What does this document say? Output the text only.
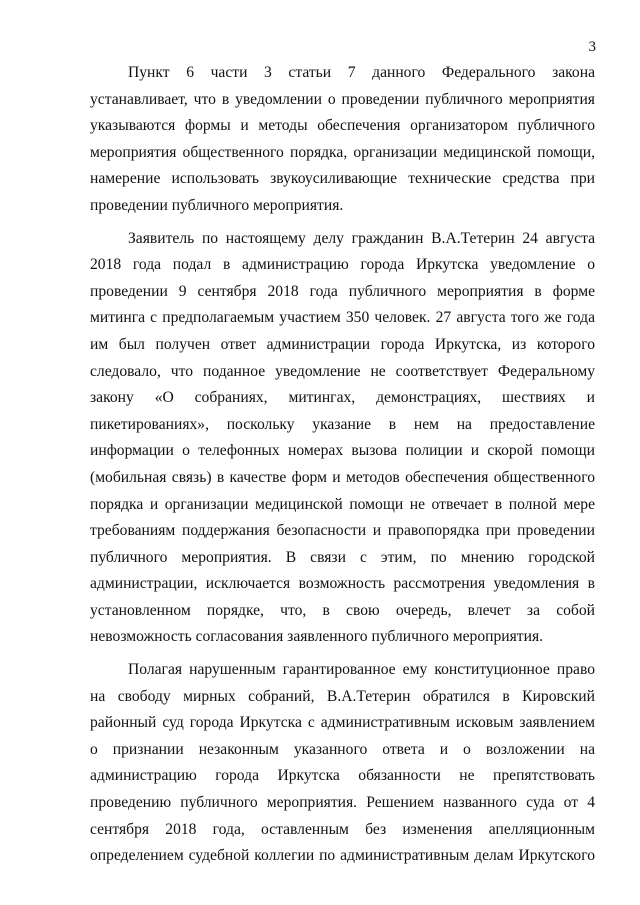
3
Пункт 6 части 3 статьи 7 данного Федерального закона
устанавливает, что в уведомлении о проведении публичного мероприятия
указываются формы и методы обеспечения организатором публичного
мероприятия общественного порядка, организации медицинской помощи,
намерение использовать звукоусиливающие технические средства при
проведении публичного мероприятия.
Заявитель по настоящему делу гражданин В.А.Тетерин 24 августа
2018 года подал в администрацию города Иркутска уведомление о
проведении 9 сентября 2018 года публичного мероприятия в форме
митинга с предполагаемым участием 350 человек. 27 августа того же года
им был получен ответ администрации города Иркутска, из которого
следовало, что поданное уведомление не соответствует Федеральному
закону «О собраниях, митингах, демонстрациях, шествиях и
пикетированиях», поскольку указание в нем на предоставление
информации о телефонных номерах вызова полиции и скорой помощи
(мобильная связь) в качестве форм и методов обеспечения общественного
порядка и организации медицинской помощи не отвечает в полной мере
требованиям поддержания безопасности и правопорядка при проведении
публичного мероприятия. В связи с этим, по мнению городской
администрации, исключается возможность рассмотрения уведомления в
установленном порядке, что, в свою очередь, влечет за собой
невозможность согласования заявленного публичного мероприятия.
Полагая нарушенным гарантированное ему конституционное право
на свободу мирных собраний, В.А.Тетерин обратился в Кировский
районный суд города Иркутска с административным исковым заявлением
о признании незаконным указанного ответа и о возложении на
администрацию города Иркутска обязанности не препятствовать
проведению публичного мероприятия. Решением названного суда от 4
сентября 2018 года, оставленным без изменения апелляционным
определением судебной коллегии по административным делам Иркутского
